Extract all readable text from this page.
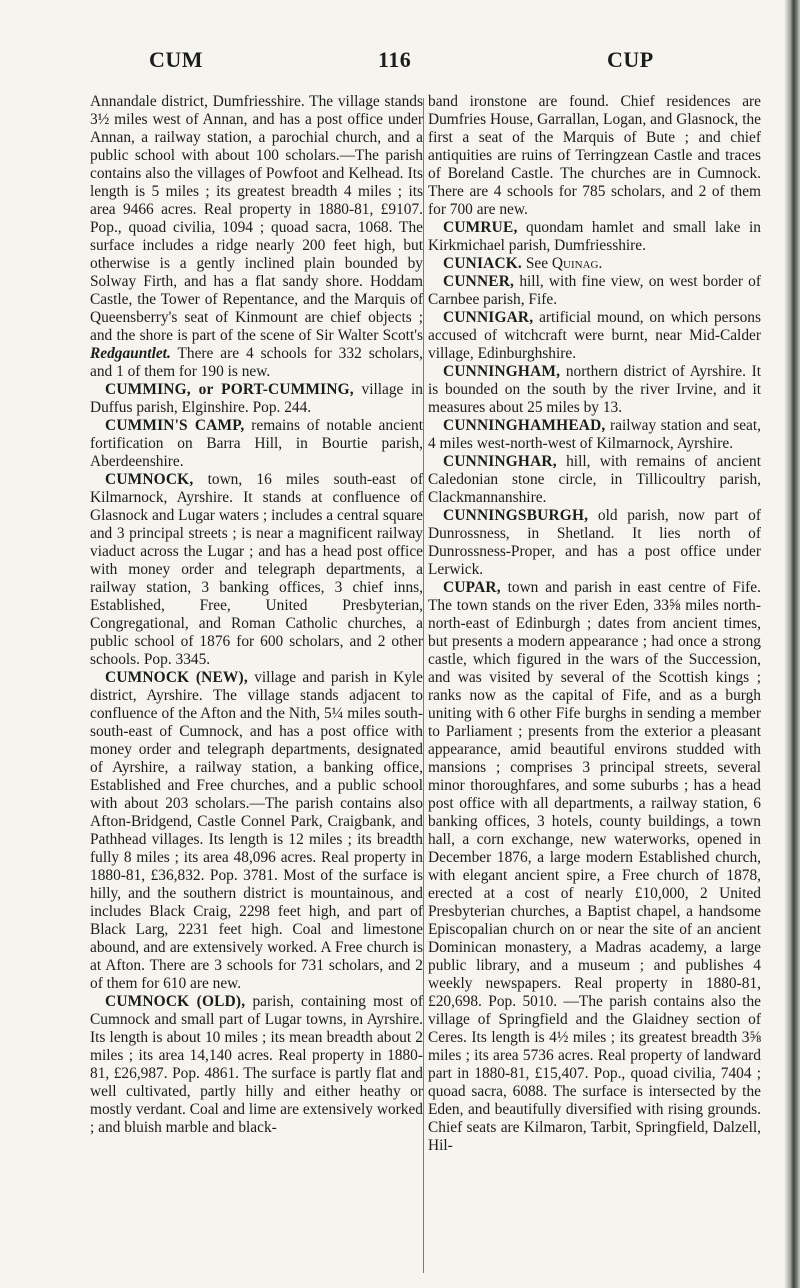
CUM	116	CUP

Annandale district, Dumfriesshire. The village stands 3½ miles west of Annan, and has a post office under Annan, a railway station, a parochial church, and a public school with about 100 scholars.—The parish contains also the villages of Powfoot and Kelhead. Its length is 5 miles ; its greatest breadth 4 miles ; its area 9466 acres. Real property in 1880-81, £9107. Pop., quoad civilia, 1094 ; quoad sacra, 1068. The surface includes a ridge nearly 200 feet high, but otherwise is a gently inclined plain bounded by Solway Firth, and has a flat sandy shore. Hoddam Castle, the Tower of Repentance, and the Marquis of Queensberry's seat of Kinmount are chief objects ; and the shore is part of the scene of Sir Walter Scott's Redgauntlet. There are 4 schools for 332 scholars, and 1 of them for 190 is new.

CUMMING, or PORT-CUMMING, village in Duffus parish, Elginshire. Pop. 244.

CUMMIN'S CAMP, remains of notable ancient fortification on Barra Hill, in Bourtie parish, Aberdeenshire.

CUMNOCK, town, 16 miles south-east of Kilmarnock, Ayrshire. It stands at confluence of Glasnock and Lugar waters ; includes a central square and 3 principal streets ; is near a magnificent railway viaduct across the Lugar ; and has a head post office with money order and telegraph departments, a railway station, 3 banking offices, 3 chief inns, Established, Free, United Presbyterian, Congregational, and Roman Catholic churches, a public school of 1876 for 600 scholars, and 2 other schools. Pop. 3345.

CUMNOCK (NEW), village and parish in Kyle district, Ayrshire. The village stands adjacent to confluence of the Afton and the Nith, 5¼ miles south-south-east of Cumnock, and has a post office with money order and telegraph departments, designated of Ayrshire, a railway station, a banking office, Established and Free churches, and a public school with about 203 scholars.—The parish contains also Afton-Bridgend, Castle Connel Park, Craigbank, and Pathhead villages. Its length is 12 miles ; its breadth fully 8 miles ; its area 48,096 acres. Real property in 1880-81, £36,832. Pop. 3781. Most of the surface is hilly, and the southern district is mountainous, and includes Black Craig, 2298 feet high, and part of Black Larg, 2231 feet high. Coal and limestone abound, and are extensively worked. A Free church is at Afton. There are 3 schools for 731 scholars, and 2 of them for 610 are new.

CUMNOCK (OLD), parish, containing most of Cumnock and small part of Lugar towns, in Ayrshire. Its length is about 10 miles ; its mean breadth about 2 miles ; its area 14,140 acres. Real property in 1880-81, £26,987. Pop. 4861. The surface is partly flat and well cultivated, partly hilly and either heathy or mostly verdant. Coal and lime are extensively worked ; and bluish marble and black-

band ironstone are found. Chief residences are Dumfries House, Garrallan, Logan, and Glasnock, the first a seat of the Marquis of Bute ; and chief antiquities are ruins of Terringzean Castle and traces of Boreland Castle. The churches are in Cumnock. There are 4 schools for 785 scholars, and 2 of them for 700 are new.

CUMRUE, quondam hamlet and small lake in Kirkmichael parish, Dumfriesshire.

CUNIACK. See Quinag.

CUNNER, hill, with fine view, on west border of Carnbee parish, Fife.

CUNNIGAR, artificial mound, on which persons accused of witchcraft were burnt, near Mid-Calder village, Edinburghshire.

CUNNINGHAM, northern district of Ayrshire. It is bounded on the south by the river Irvine, and it measures about 25 miles by 13.

CUNNINGHAMHEAD, railway station and seat, 4 miles west-north-west of Kilmarnock, Ayrshire.

CUNNINGHAR, hill, with remains of ancient Caledonian stone circle, in Tillicoultry parish, Clackmannanshire.

CUNNINGSBURGH, old parish, now part of Dunrossness, in Shetland. It lies north of Dunrossness-Proper, and has a post office under Lerwick.

CUPAR, town and parish in east centre of Fife. The town stands on the river Eden, 33⅝ miles north-north-east of Edinburgh ; dates from ancient times, but presents a modern appearance ; had once a strong castle, which figured in the wars of the Succession, and was visited by several of the Scottish kings ; ranks now as the capital of Fife, and as a burgh uniting with 6 other Fife burghs in sending a member to Parliament ; presents from the exterior a pleasant appearance, amid beautiful environs studded with mansions ; comprises 3 principal streets, several minor thoroughfares, and some suburbs ; has a head post office with all departments, a railway station, 6 banking offices, 3 hotels, county buildings, a town hall, a corn exchange, new waterworks, opened in December 1876, a large modern Established church, with elegant ancient spire, a Free church of 1878, erected at a cost of nearly £10,000, 2 United Presbyterian churches, a Baptist chapel, a handsome Episcopalian church on or near the site of an ancient Dominican monastery, a Madras academy, a large public library, and a museum ; and publishes 4 weekly newspapers. Real property in 1880-81, £20,698. Pop. 5010. —The parish contains also the village of Springfield and the Glaidney section of Ceres. Its length is 4½ miles ; its greatest breadth 3⅝ miles ; its area 5736 acres. Real property of landward part in 1880-81, £15,407. Pop., quoad civilia, 7404 ; quoad sacra, 6088. The surface is intersected by the Eden, and beautifully diversified with rising grounds. Chief seats are Kilmaron, Tarbit, Springfield, Dalzell, Hil-
